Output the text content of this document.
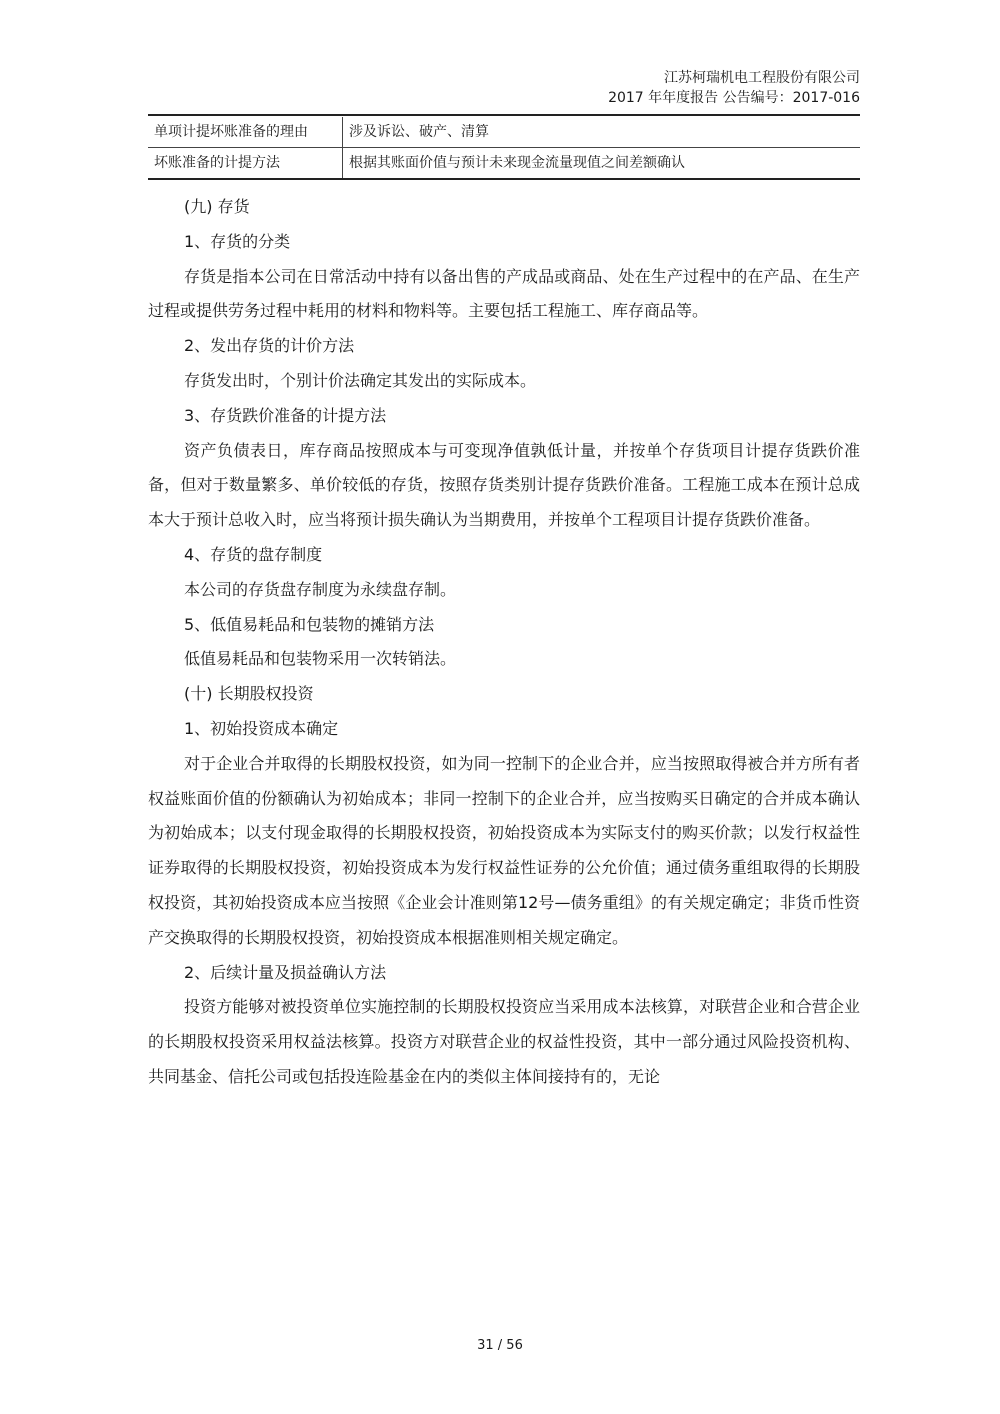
江苏柯瑞机电工程股份有限公司
2017 年年度报告 公告编号：2017-016
单项计提坏账准备的理由	涉及诉讼、破产、清算
坏账准备的计提方法	根据其账面价值与预计未来现金流量现值之间差额确认

(九) 存货

1、存货的分类

存货是指本公司在日常活动中持有以备出售的产成品或商品、处在生产过程中的在产品、在生产过程或提供劳务过程中耗用的材料和物料等。主要包括工程施工、库存商品等。

2、发出存货的计价方法

存货发出时，个别计价法确定其发出的实际成本。

3、存货跌价准备的计提方法

资产负债表日，库存商品按照成本与可变现净值孰低计量，并按单个存货项目计提存货跌价准备，但对于数量繁多、单价较低的存货，按照存货类别计提存货跌价准备。工程施工成本在预计总成本大于预计总收入时，应当将预计损失确认为当期费用，并按单个工程项目计提存货跌价准备。

4、存货的盘存制度

本公司的存货盘存制度为永续盘存制。

5、低值易耗品和包装物的摊销方法

低值易耗品和包装物采用一次转销法。

(十) 长期股权投资

1、初始投资成本确定

对于企业合并取得的长期股权投资，如为同一控制下的企业合并，应当按照取得被合并方所有者权益账面价值的份额确认为初始成本；非同一控制下的企业合并，应当按购买日确定的合并成本确认为初始成本；以支付现金取得的长期股权投资，初始投资成本为实际支付的购买价款；以发行权益性证券取得的长期股权投资，初始投资成本为发行权益性证券的公允价值；通过债务重组取得的长期股权投资，其初始投资成本应当按照《企业会计准则第12号—债务重组》的有关规定确定；非货币性资产交换取得的长期股权投资，初始投资成本根据准则相关规定确定。

2、后续计量及损益确认方法

投资方能够对被投资单位实施控制的长期股权投资应当采用成本法核算，对联营企业和合营企业的长期股权投资采用权益法核算。投资方对联营企业的权益性投资，其中一部分通过风险投资机构、共同基金、信托公司或包括投连险基金在内的类似主体间接持有的，无论

31 / 56
